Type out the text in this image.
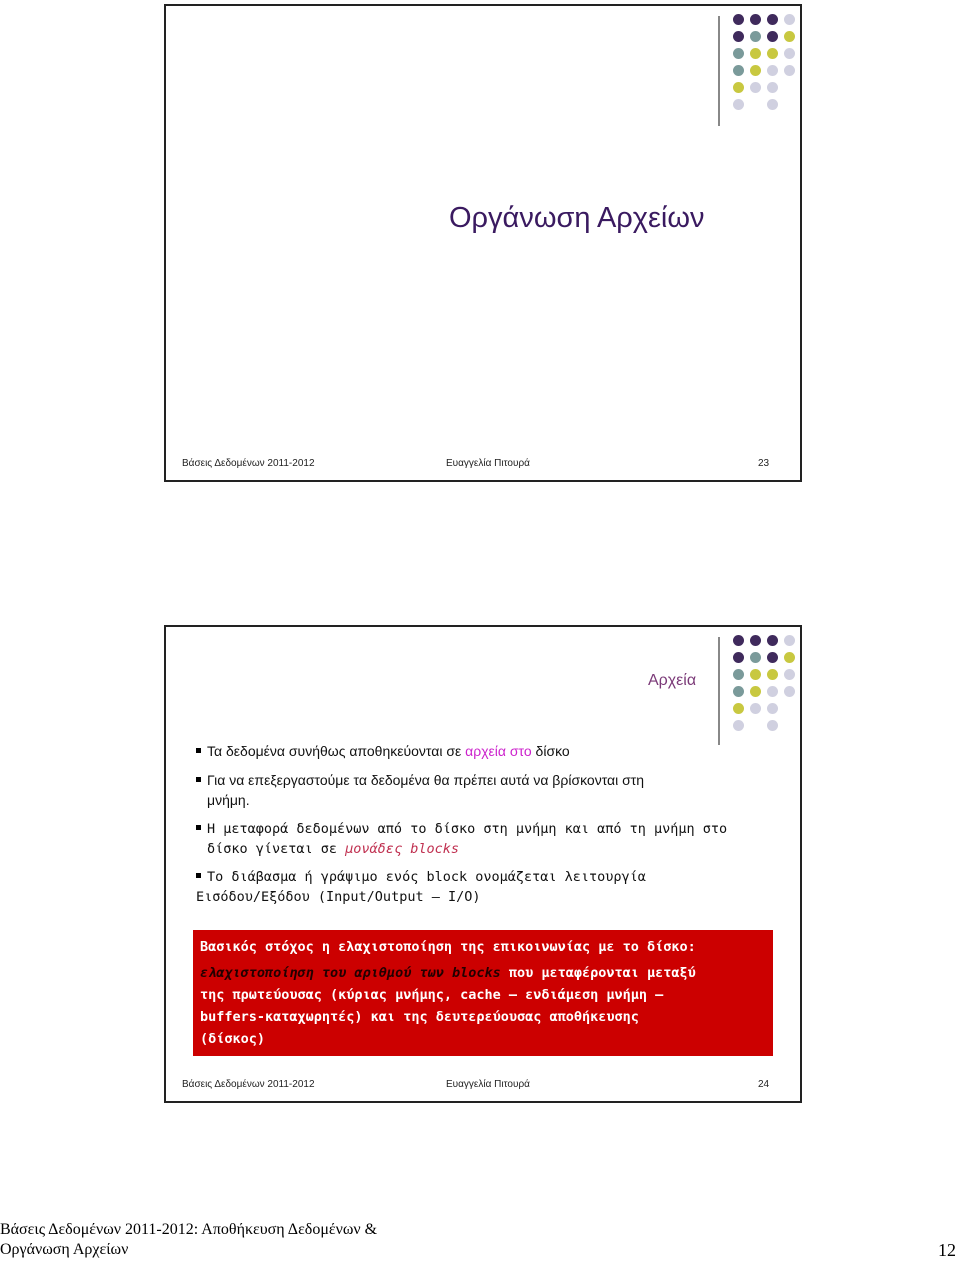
Οργάνωση Αρχείων
Βάσεις Δεδομένων 2011-2012	Ευαγγελία Πιτουρά	23
Αρχεία
Τα δεδομένα συνήθως αποθηκεύονται σε αρχεία στο δίσκο
Για να επεξεργαστούμε τα δεδομένα θα πρέπει αυτά να βρίσκονται στη
μνήμη.
Η μεταφορά δεδομένων από το δίσκο στη μνήμη και από τη μνήμη στο
δίσκο γίνεται σε μονάδες blocks
Το διάβασμα ή γράψιμο ενός block ονομάζεται λειτουργία
Εισόδου/Εξόδου (Input/Output – I/O)
Βασικός στόχος η ελαχιστοποίηση της επικοινωνίας με το δίσκο:
ελαχιστοποίηση του αριθμού των blocks που μεταφέρονται μεταξύ
της πρωτεύουσας (κύριας μνήμης, cache – ενδιάμεση μνήμη –
buffers-καταχωρητές) και της δευτερεύουσας αποθήκευσης
(δίσκος)
Βάσεις Δεδομένων 2011-2012	Ευαγγελία Πιτουρά	24
Βάσεις Δεδομένων 2011-2012: Αποθήκευση Δεδομένων &
Οργάνωση Αρχείων	12
